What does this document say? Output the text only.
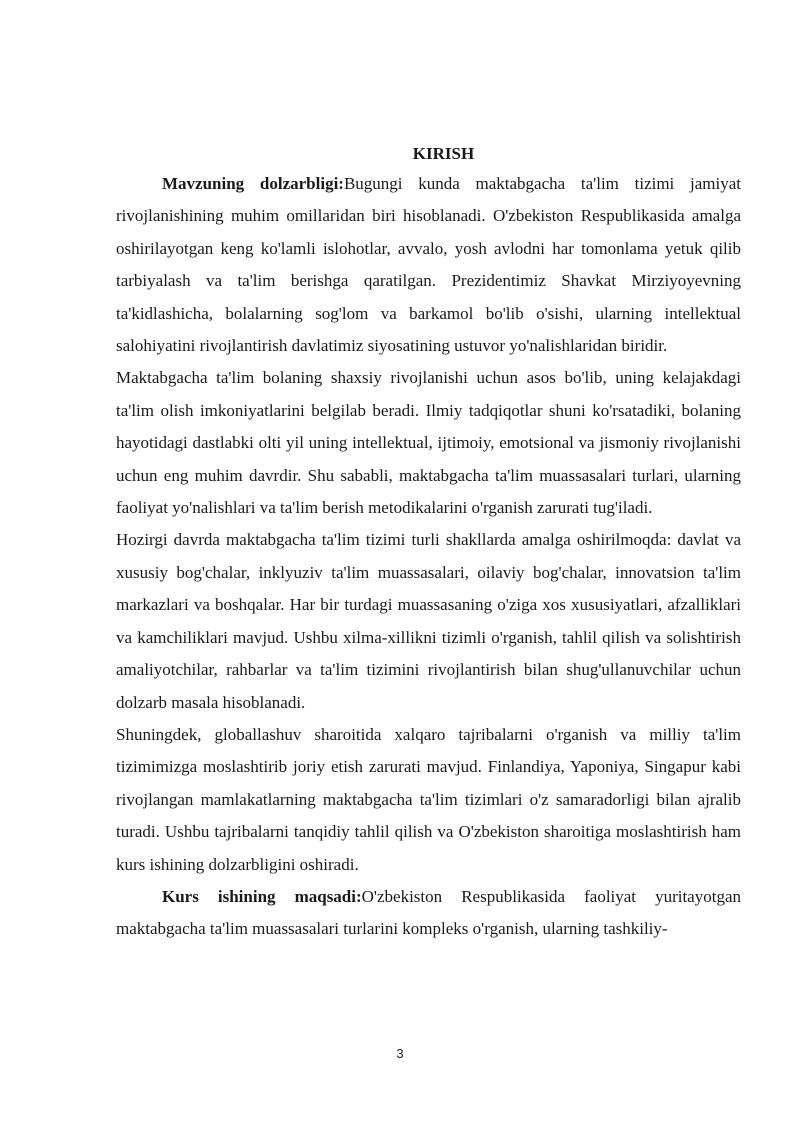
KIRISH

Mavzuning dolzarbligi:Bugungi kunda maktabgacha ta'lim tizimi jamiyat rivojlanishining muhim omillaridan biri hisoblanadi. O'zbekiston Respublikasida amalga oshirilayotgan keng ko'lamli islohotlar, avvalo, yosh avlodni har tomonlama yetuk qilib tarbiyalash va ta'lim berishga qaratilgan. Prezidentimiz Shavkat Mirziyoyevning ta'kidlashicha, bolalarning sog'lom va barkamol bo'lib o'sishi, ularning intellektual salohiyatini rivojlantirish davlatimiz siyosatining ustuvor yo'nalishlaridan biridir.

Maktabgacha ta'lim bolaning shaxsiy rivojlanishi uchun asos bo'lib, uning kelajakdagi ta'lim olish imkoniyatlarini belgilab beradi. Ilmiy tadqiqotlar shuni ko'rsatadiki, bolaning hayotidagi dastlabki olti yil uning intellektual, ijtimoiy, emotsional va jismoniy rivojlanishi uchun eng muhim davrdir. Shu sababli, maktabgacha ta'lim muassasalari turlari, ularning faoliyat yo'nalishlari va ta'lim berish metodikalarini o'rganish zarurati tug'iladi.

Hozirgi davrda maktabgacha ta'lim tizimi turli shakllarda amalga oshirilmoqda: davlat va xususiy bog'chalar, inklyuziv ta'lim muassasalari, oilaviy bog'chalar, innovatsion ta'lim markazlari va boshqalar. Har bir turdagi muassasaning o'ziga xos xususiyatlari, afzalliklari va kamchiliklari mavjud. Ushbu xilma-xillikni tizimli o'rganish, tahlil qilish va solishtirish amaliyotchilar, rahbarlar va ta'lim tizimini rivojlantirish bilan shug'ullanuvchilar uchun dolzarb masala hisoblanadi.

Shuningdek, globallashuv sharoitida xalqaro tajribalarni o'rganish va milliy ta'lim tizimimizga moslashtirib joriy etish zarurati mavjud. Finlandiya, Yaponiya, Singapur kabi rivojlangan mamlakatlarning maktabgacha ta'lim tizimlari o'z samaradorligi bilan ajralib turadi. Ushbu tajribalarni tanqidiy tahlil qilish va O'zbekiston sharoitiga moslashtirish ham kurs ishining dolzarbligini oshiradi.

Kurs ishining maqsadi:O'zbekiston Respublikasida faoliyat yuritayotgan maktabgacha ta'lim muassasalari turlarini kompleks o'rganish, ularning tashkiliy-

3
